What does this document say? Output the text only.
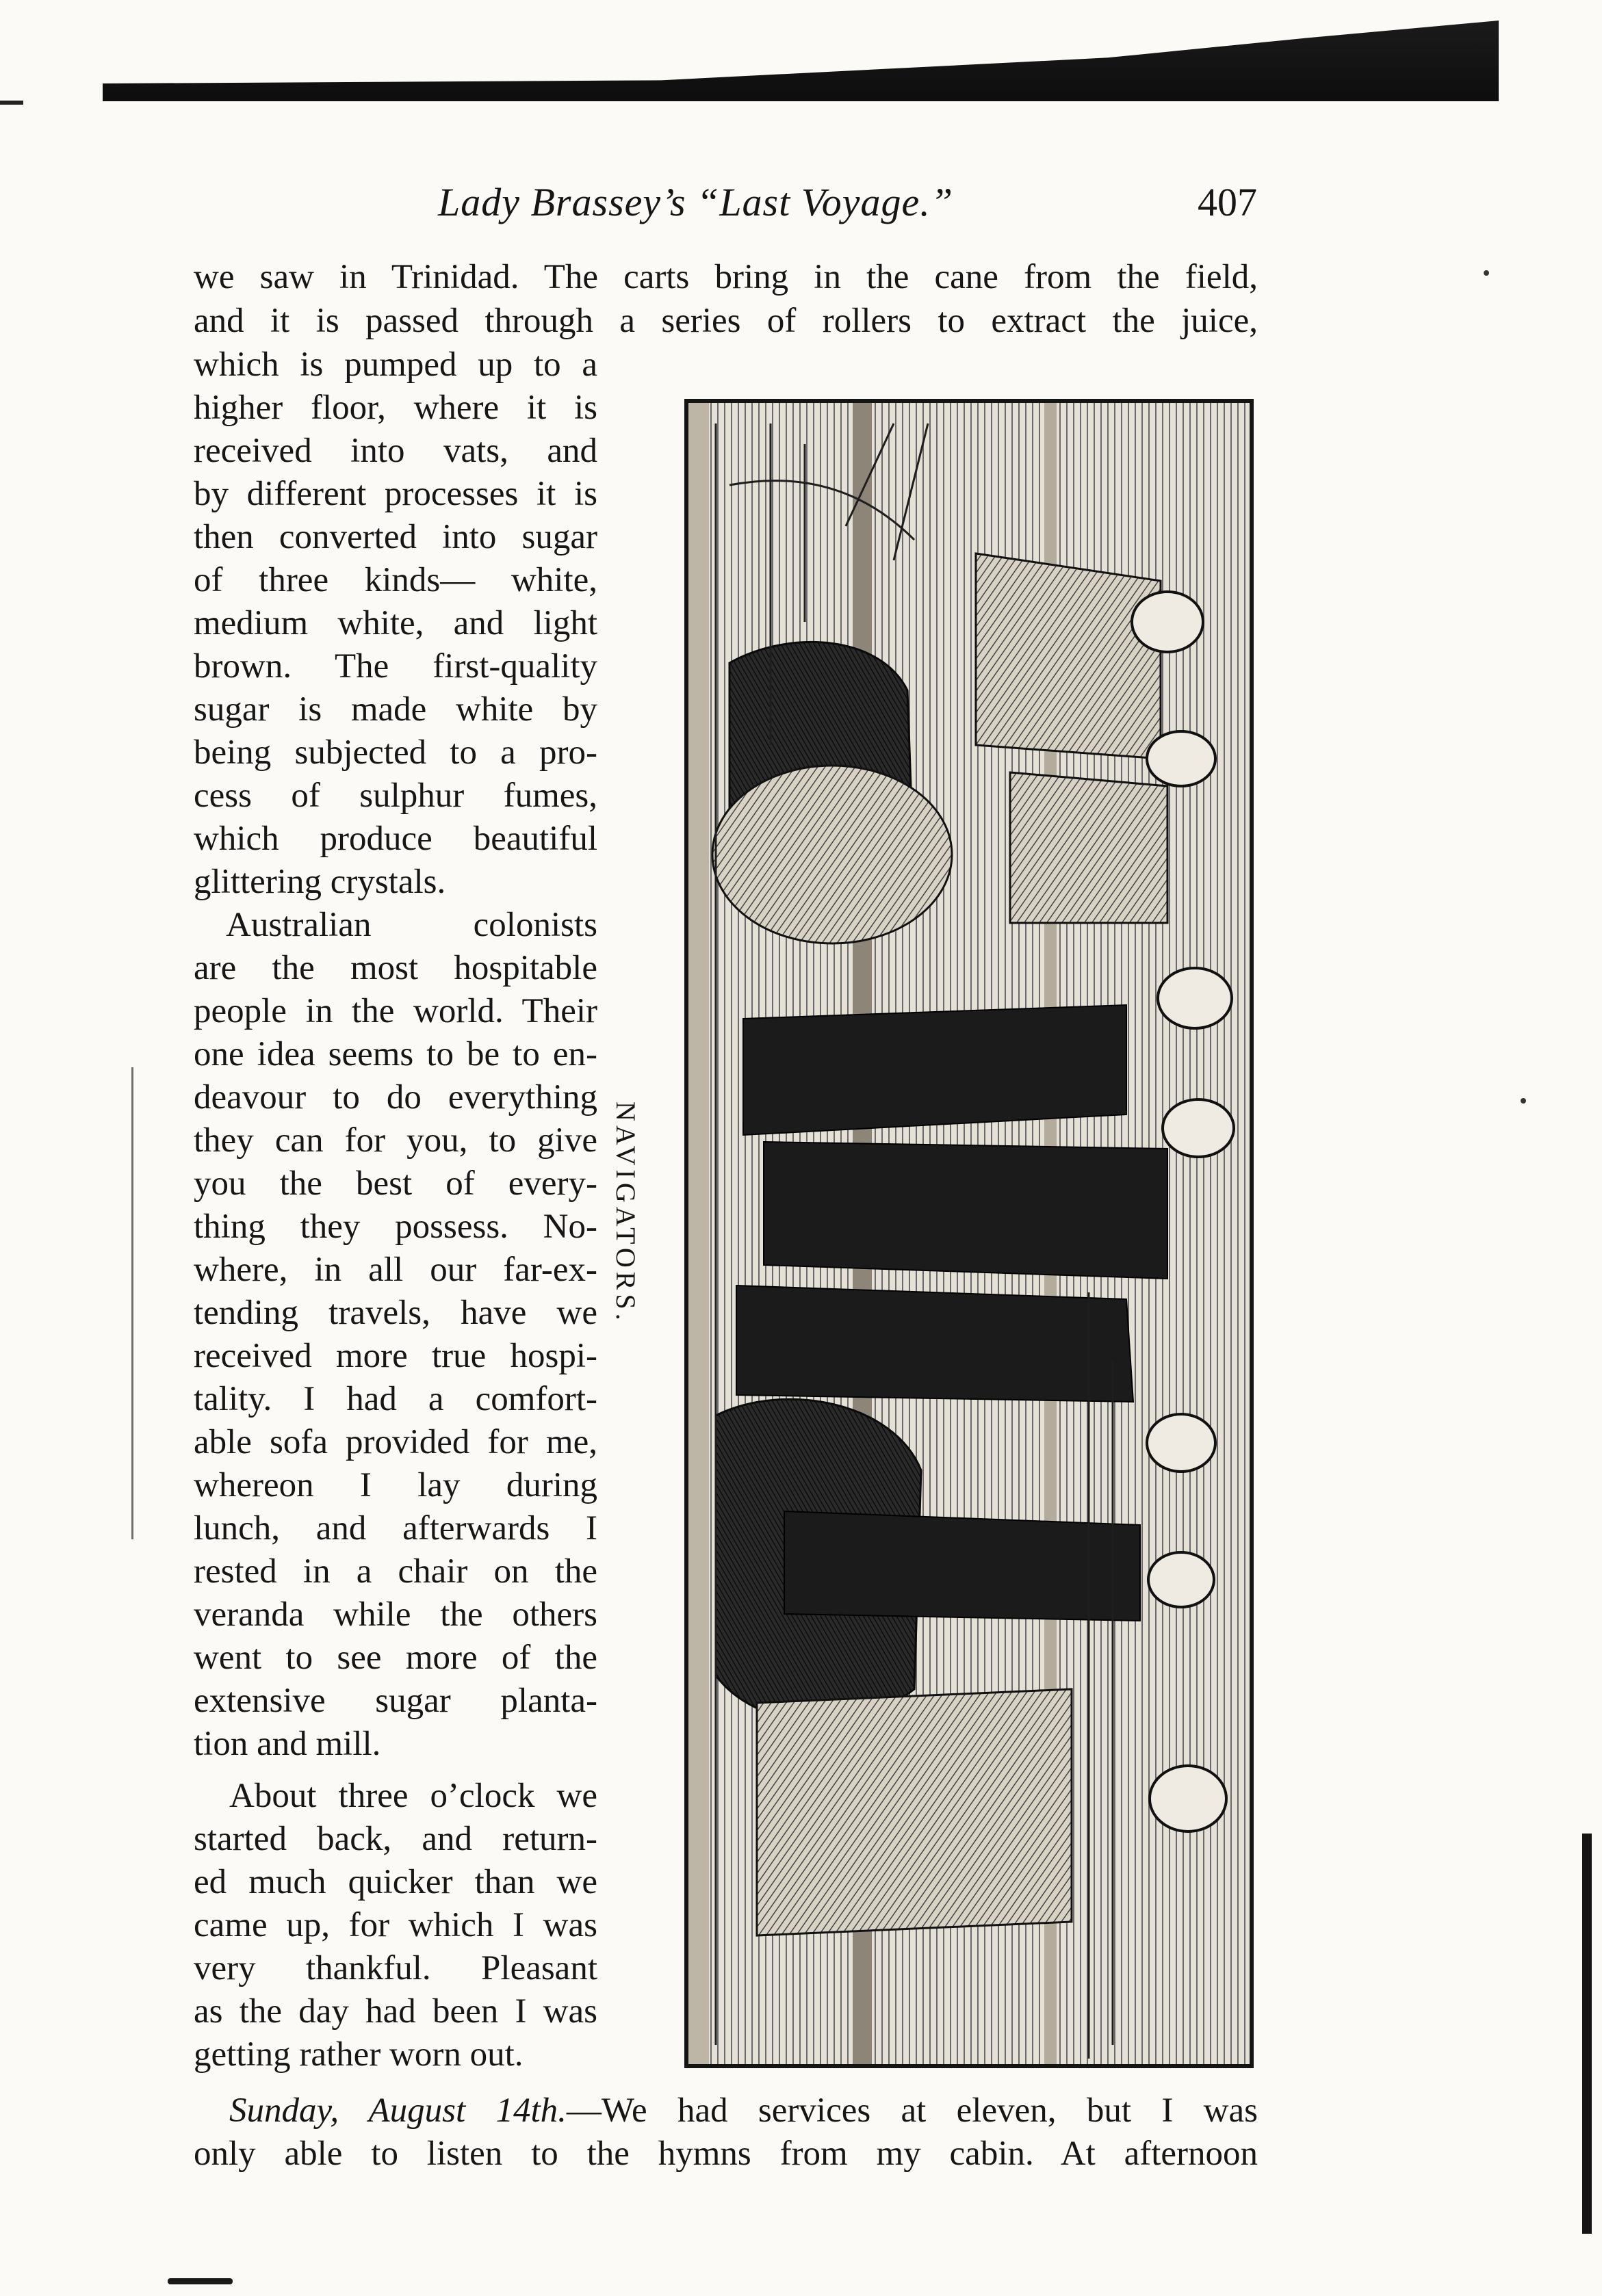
Lady Brassey’s “Last Voyage.”	407
we saw in Trinidad. The carts bring in the cane from the field,
and it is passed through a series of rollers to extract the juice,
which is pumped up to a
higher floor, where it is
received into vats, and
by different processes it is
then converted into sugar
of three kinds— white,
medium white, and light
brown. The first-quality
sugar is made white by
being subjected to a pro-
cess of sulphur fumes,
which produce beautiful
glittering crystals.
Australian colonists
are the most hospitable
people in the world. Their
one idea seems to be to en-
deavour to do everything
they can for you, to give
you the best of every-
thing they possess. No-
where, in all our far-ex-
tending travels, have we
received more true hospi-
tality. I had a comfort-
able sofa provided for me,
whereon I lay during
lunch, and afterwards I
rested in a chair on the
veranda while the others
went to see more of the
extensive sugar planta-
tion and mill.
About three o’clock we
started back, and return-
ed much quicker than we
came up, for which I was
very thankful. Pleasant
as the day had been I was
getting rather worn out.
Sunday, August 14th.—We had services at eleven, but I was
only able to listen to the hymns from my cabin. At afternoon
NAVIGATORS.
